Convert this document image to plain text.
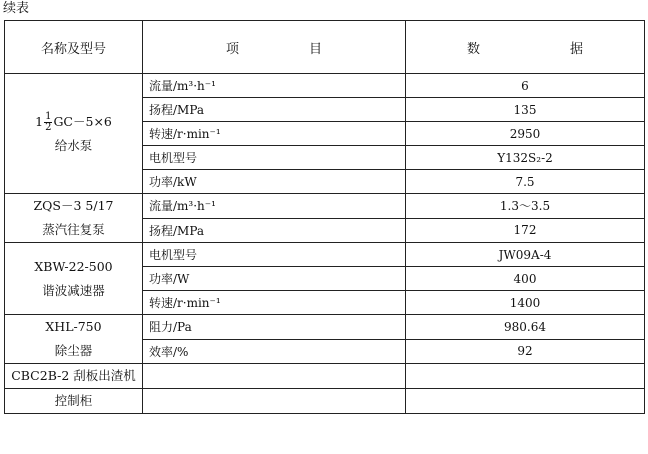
续表
名称及型号	项 目	数 据

$1 \frac{1}{2} GC-5\times 6$
给水泵	流量/m³·h⁻¹	6
	扬程/MPa	135
	转速/r·min⁻¹	2950
	电机型号	Y132S₂-2
	功率/kW	7.5

ZQS－3 5/17
蒸汽往复泵	流量/m³·h⁻¹	1.3～3.5
	扬程/MPa	172

XBW-22-500
谐波减速器	电机型号	JW09A-4
	功率/W	400
	转速/r·min⁻¹	1400

XHL-750
除尘器	阻力/Pa	980.64
	效率/%	92
CBC2B-2 刮板出渣机		
控制柜		
